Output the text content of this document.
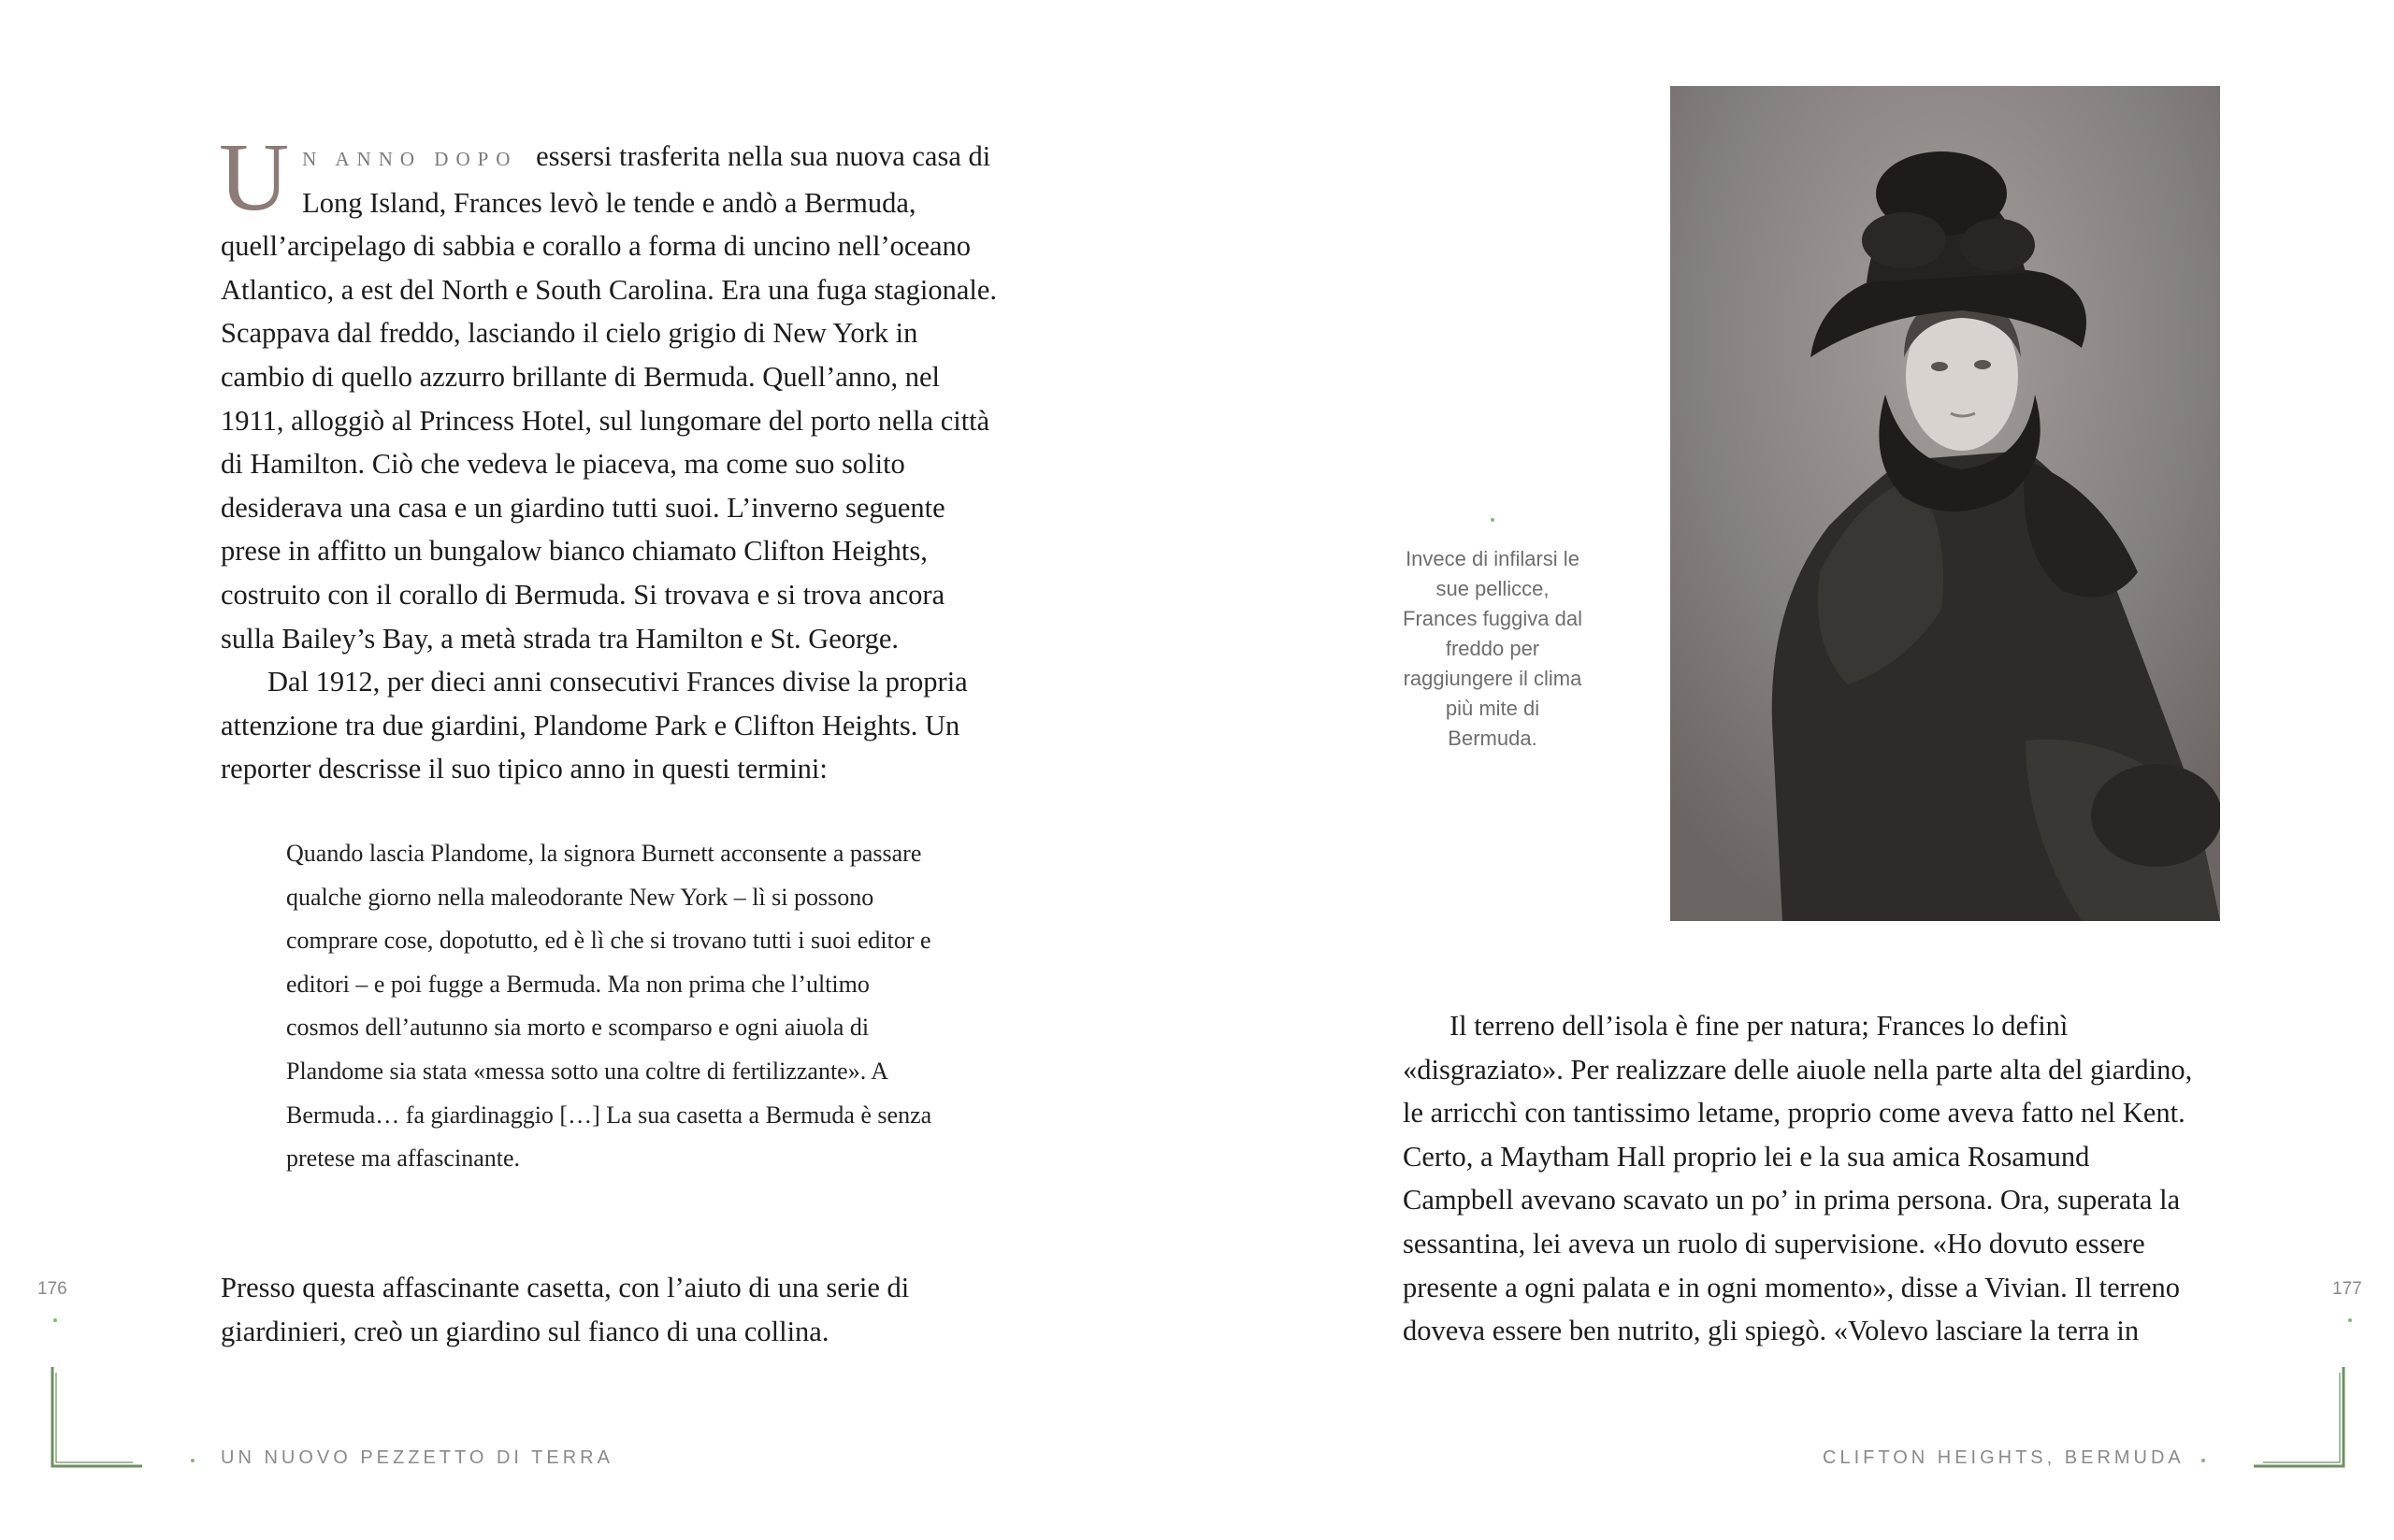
U N ANNO DOPO essersi trasferita nella sua nuova casa di Long Island, Frances levò le tende e andò a Bermuda, quell’arcipelago di sabbia e corallo a forma di uncino nell’oceano Atlantico, a est del North e South Carolina. Era una fuga stagionale. Scappava dal freddo, lasciando il cielo grigio di New York in cambio di quello azzurro brillante di Bermuda. Quell’anno, nel 1911, alloggiò al Princess Hotel, sul lungomare del porto nella città di Hamilton. Ciò che vedeva le piaceva, ma come suo solito desiderava una casa e un giardino tutti suoi. L’inverno seguente prese in affitto un bungalow bianco chiamato Clifton Heights, costruito con il corallo di Bermuda. Si trovava e si trova ancora sulla Bailey’s Bay, a metà strada tra Hamilton e St. George.

Dal 1912, per dieci anni consecutivi Frances divise la propria attenzione tra due giardini, Plandome Park e Clifton Heights. Un reporter descrisse il suo tipico anno in questi termini:

Quando lascia Plandome, la signora Burnett acconsente a passare qualche giorno nella maleodorante New York – lì si possono comprare cose, dopotutto, ed è lì che si trovano tutti i suoi editor e editori – e poi fugge a Bermuda. Ma non prima che l’ultimo cosmos dell’autunno sia morto e scomparso e ogni aiuola di Plandome sia stata «messa sotto una coltre di fertilizzante». A Bermuda… fa giardinaggio […] La sua casetta a Bermuda è senza pretese ma affascinante.

Presso questa affascinante casetta, con l’aiuto di una serie di giardinieri, creò un giardino sul fianco di una collina.
176
UN NUOVO PEZZETTO DI TERRA
Invece di infilarsi le sue pellicce, Frances fuggiva dal freddo per raggiungere il clima più mite di Bermuda.

Il terreno dell’isola è fine per natura; Frances lo definì «disgraziato». Per realizzare delle aiuole nella parte alta del giardino, le arricchì con tantissimo letame, proprio come aveva fatto nel Kent. Certo, a Maytham Hall proprio lei e la sua amica Rosamund Campbell avevano scavato un po’ in prima persona. Ora, superata la sessantina, lei aveva un ruolo di supervisione. «Ho dovuto essere presente a ogni palata e in ogni momento», disse a Vivian. Il terreno doveva essere ben nutrito, gli spiegò. «Volevo lasciare la terra in

177
CLIFTON HEIGHTS, BERMUDA
